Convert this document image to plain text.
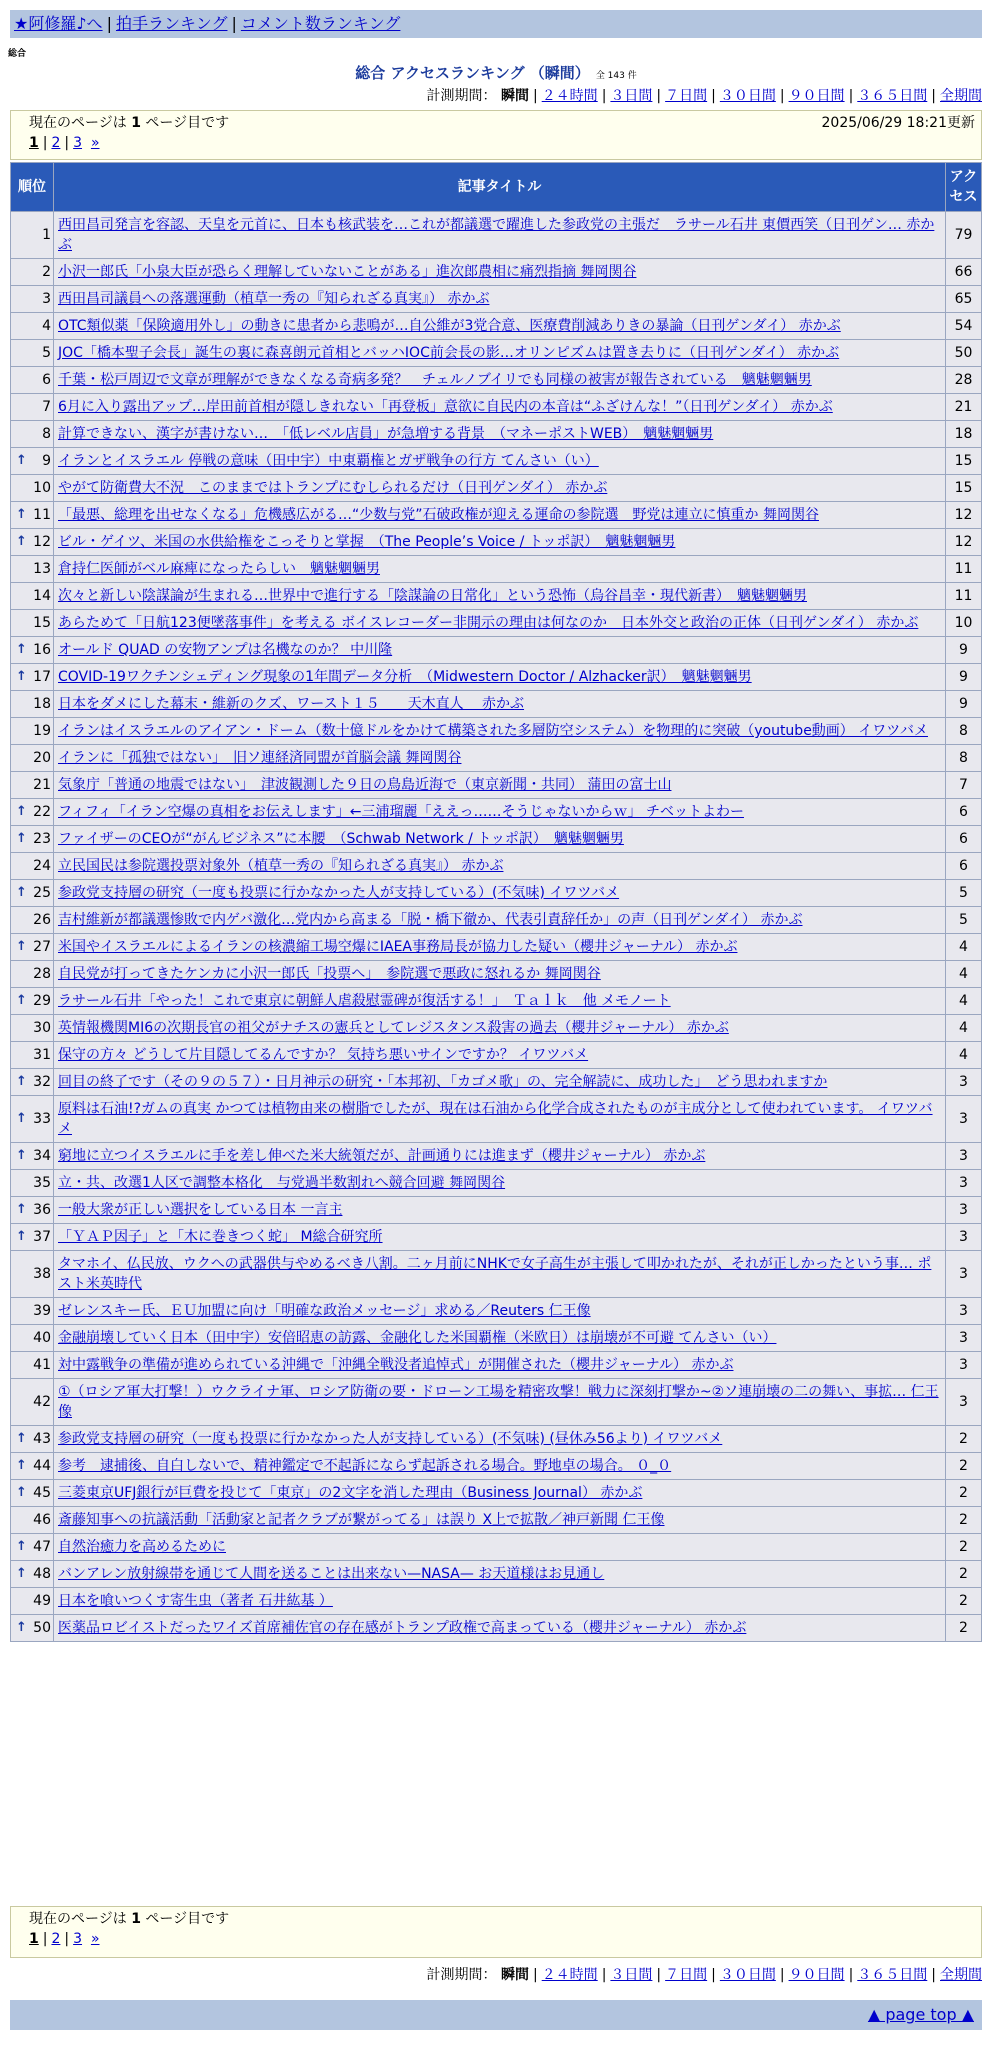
★阿修羅♪へ | 拍手ランキング | コメント数ランキング
総合
総合 アクセスランキング （瞬間） 全 143 件
計測期間： 瞬間 | ２４時間 | ３日間 | ７日間 | ３０日間 | ９０日間 | ３６５日間 | 全期間
現在のページは 1 ページ目です	2025/06/29 18:21更新
1 | 2 | 3 »
順位	記事タイトル	アクセス
1	西田昌司発言を容認、天皇を元首に、日本も核武装を…これが都議選で躍進した参政党の主張だ　ラサール石井 東價西笑（日刊ゲン… 赤かぶ	79
2	小沢一郎氏「小泉大臣が恐らく理解していないことがある」進次郎農相に痛烈指摘 舞岡関谷	66
3	西田昌司議員への落選運動（植草一秀の『知られざる真実』） 赤かぶ	65
4	OTC類似薬「保険適用外し」の動きに患者から悲鳴が…自公維が3党合意、医療費削減ありきの暴論（日刊ゲンダイ） 赤かぶ	54
5	JOC「橋本聖子会長」誕生の裏に森喜朗元首相とバッハIOC前会長の影…オリンピズムは置き去りに（日刊ゲンダイ） 赤かぶ	50
6	千葉・松戸周辺で文章が理解ができなくなる奇病多発？　チェルノブイリでも同様の被害が報告されている　魑魅魍魎男	28
7	6月に入り露出アップ…岸田前首相が隠しきれない「再登板」意欲に自民内の本音は“ふざけんな！”（日刊ゲンダイ） 赤かぶ	21
8	計算できない、漢字が書けない…　「低レベル店員」が急増する背景　（マネーポストWEB）　魑魅魍魎男	18

↑ 9	イランとイスラエル 停戦の意味（田中宇）中東覇権とガザ戦争の行方 てんさい（い）	15
10	やがて防衛費大不況　このままではトランプにむしられるだけ（日刊ゲンダイ） 赤かぶ	15

↑ 11	「最悪、総理を出せなくなる」危機感広がる…“少数与党”石破政権が迎える運命の参院選　野党は連立に慎重か 舞岡関谷	12

↑ 12	ビル・ゲイツ、米国の水供給権をこっそりと掌握　（The People’s Voice / トッポ訳）　魑魅魍魎男	12
13	倉持仁医師がベル麻痺になったらしい　魑魅魍魎男	11
14	次々と新しい陰謀論が生まれる…世界中で進行する「陰謀論の日常化」という恐怖（烏谷昌幸・現代新書）　魑魅魍魎男	11
15	あらためて「日航123便墜落事件」を考える ボイスレコーダー非開示の理由は何なのか　日本外交と政治の正体（日刊ゲンダイ） 赤かぶ	10

↑ 16	オールド QUAD の安物アンプは名機なのか？ 中川隆	9

↑ 17	COVID-19ワクチンシェディング現象の1年間データ分析　（Midwestern Doctor / Alzhacker訳）　魑魅魍魎男	9
18	日本をダメにした幕末・維新のクズ、ワースト１５　　天木直人　 赤かぶ	9
19	イランはイスラエルのアイアン・ドーム（数十億ドルをかけて構築された多層防空システム）を物理的に突破（youtube動画） イワツバメ	8
20	イランに「孤独ではない」　旧ソ連経済同盟が首脳会議 舞岡関谷	8
21	気象庁「普通の地震ではない」　津波観測した９日の鳥島近海で（東京新聞・共同） 蒲田の富士山	7

↑ 22	フィフィ「イラン空爆の真相をお伝えします」←三浦瑠麗「ええっ……そうじゃないからｗ」 チベットよわー	6

↑ 23	ファイザーのCEOが“がんビジネス”に本腰　（Schwab Network / トッポ訳）　魑魅魍魎男	6
24	立民国民は参院選投票対象外（植草一秀の『知られざる真実』） 赤かぶ	6

↑ 25	参政党支持層の研究（一度も投票に行かなかった人が支持している）(不気味) イワツバメ	5
26	吉村維新が都議選惨敗で内ゲバ激化…党内から高まる「脱・橋下徹か、代表引責辞任か」の声（日刊ゲンダイ） 赤かぶ	5

↑ 27	米国やイスラエルによるイランの核濃縮工場空爆にIAEA事務局長が協力した疑い（櫻井ジャーナル） 赤かぶ	4
28	自民党が打ってきたケンカに小沢一郎氏「投票へ」　参院選で悪政に怒れるか 舞岡関谷	4

↑ 29	ラサール石井「やった！これで東京に朝鮮人虐殺慰霊碑が復活する！」　Ｔａｌｋ　他 メモノート	4
30	英情報機関MI6の次期長官の祖父がナチスの憲兵としてレジスタンス殺害の過去（櫻井ジャーナル） 赤かぶ	4
31	保守の方々 どうして片目隠してるんですか？ 気持ち悪いサインですか？ イワツバメ	4

↑ 32	回目の終了です（その９の５７）・日月神示の研究・「本邦初、「カゴメ歌」の、完全解読に、成功した」　どう思われますか	3

↑ 33	原料は石油!?ガムの真実 かつては植物由来の樹脂でしたが、現在は石油から化学合成されたものが主成分として使われています。 イワツバメ	3

↑ 34	窮地に立つイスラエルに手を差し伸べた米大統領だが、計画通りには進まず（櫻井ジャーナル） 赤かぶ	3
35	立・共、改選1人区で調整本格化　与党過半数割れへ競合回避 舞岡関谷	3

↑ 36	一般大衆が正しい選択をしている日本 一言主	3

↑ 37	「ＹＡＰ因子」と「木に巻きつく蛇」 M総合研究所	3
38	タマホイ、仏民放、ウクへの武器供与やめるべき八割。二ヶ月前にNHKで女子高生が主張して叩かれたが、それが正しかったという事… ポスト米英時代	3
39	ゼレンスキー氏、ＥＵ加盟に向け「明確な政治メッセージ」求める／Reuters 仁王像	3
40	金融崩壊していく日本（田中宇）安倍昭恵の訪露、金融化した米国覇権（米欧日）は崩壊が不可避 てんさい（い）	3
41	対中露戦争の準備が進められている沖縄で「沖縄全戦没者追悼式」が開催された（櫻井ジャーナル） 赤かぶ	3
42	①（ロシア軍大打撃！）ウクライナ軍、ロシア防衛の要・ドローン工場を精密攻撃！戦力に深刻打撃か~②ソ連崩壊の二の舞い、事拡… 仁王像	3

↑ 43	参政党支持層の研究（一度も投票に行かなかった人が支持している）(不気味) (昼休み56より) イワツバメ	2

↑ 44	参考　逮捕後、自白しないで、精神鑑定で不起訴にならず起訴される場合。野地卓の場合。 ０_０	2

↑ 45	三菱東京UFJ銀行が巨費を投じて「東京」の2文字を消した理由（Business Journal） 赤かぶ	2
46	斎藤知事への抗議活動「活動家と記者クラブが繋がってる」は誤り X上で拡散／神戸新聞 仁王像	2

↑ 47	自然治癒力を高めるために	2

↑ 48	バンアレン放射線帯を通じて人間を送ることは出来ない—NASA— お天道様はお見通し	2
49	日本を喰いつくす寄生虫（著者 石井紘基 ）	2

↑ 50	医薬品ロビイストだったワイズ首席補佐官の存在感がトランプ政権で高まっている（櫻井ジャーナル） 赤かぶ	2
現在のページは 1 ページ目です
1 | 2 | 3 »
計測期間： 瞬間 | ２４時間 | ３日間 | ７日間 | ３０日間 | ９０日間 | ３６５日間 | 全期間
▲ page top ▲
